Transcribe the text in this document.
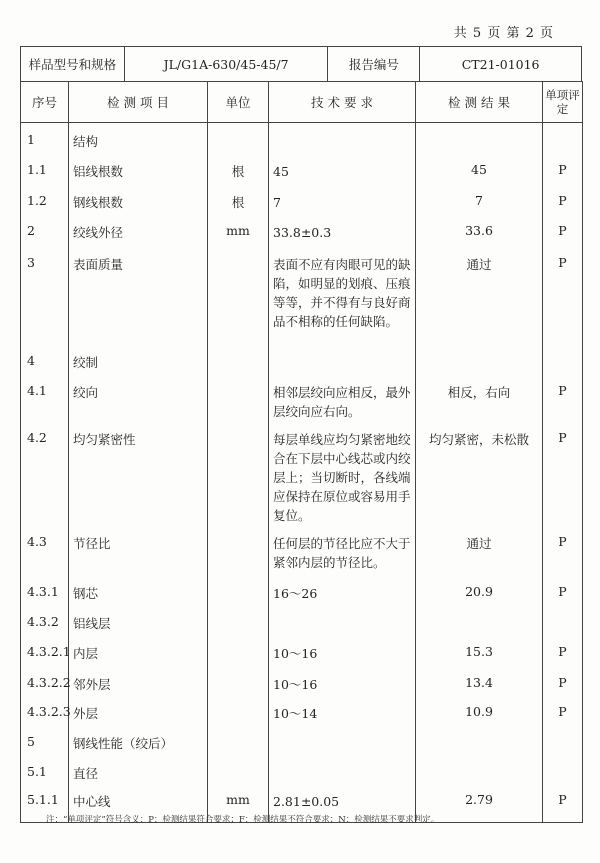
共 5 页 第 2 页
样品型号和规格	JL/G1A-630/45-45/7	报告编号	CT21-01016
序号	检 测 项 目	单位	技 术 要 求	检 测 结 果	单项评定

1	结构				

1.1	铝线根数	根	45	45	P

1.2	钢线根数	根	7	7	P

2	绞线外径	mm	33.8±0.3	33.6	P

3	表面质量		表面不应有肉眼可见的缺陷，如明显的划痕、压痕等等，并不得有与良好商品不相称的任何缺陷。	通过	P

4	绞制				

4.1	绞向		相邻层绞向应相反，最外层绞向应右向。	相反，右向	P

4.2	均匀紧密性		每层单线应均匀紧密地绞合在下层中心线芯或内绞层上；当切断时，各线端应保持在原位或容易用手复位。	均匀紧密，未松散	P

4.3	节径比		任何层的节径比应不大于紧邻内层的节径比。	通过	P

4.3.1	钢芯		16～26	20.9	P

4.3.2	铝线层				

4.3.2.1	内层		10～16	15.3	P

4.3.2.2	邻外层		10～16	13.4	P

4.3.2.3	外层		10～14	10.9	P

5	钢线性能（绞后）				

5.1	直径				

5.1.1	中心线	mm	2.81±0.05	2.79	P
注：“单项评定”符号含义：P：检测结果符合要求；F：检测结果不符合要求；N：检测结果不要求判定。
